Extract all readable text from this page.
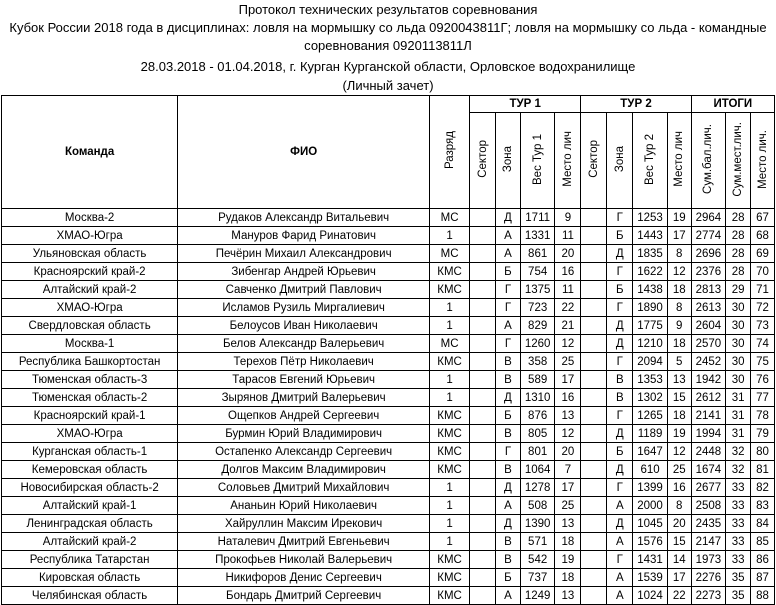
Протокол технических результатов соревнования
Кубок России 2018 года в дисциплинах: ловля на мормышку со льда 0920043811Г; ловля на мормышку со льда - командные соревнования 0920113811Л
28.03.2018 - 01.04.2018, г. Курган Курганской области, Орловское водохранилище
(Личный зачет)
Команда	ФИО	Разряд	ТУР 1				ТУР 2				ИТОГИ		
			Сектор	Зона	Вес Тур 1	Место лич	Сектор	Зона	Вес Тур 2	Место лич	Сум.бал.лич.	Сум.мест.лич.	Место лич.
Москва-2	Рудаков Александр Витальевич	МС		Д	1711	9		Г	1253	19	2964	28	67
ХМАО-Югра	Мануров Фарид Ринатович	1		А	1331	11		Б	1443	17	2774	28	68
Ульяновская область	Печёрин Михаил Александрович	МС		А	861	20		Д	1835	8	2696	28	69
Красноярский край-2	Зибенгар Андрей Юрьевич	КМС		Б	754	16		Г	1622	12	2376	28	70
Алтайский край-2	Савченко Дмитрий Павлович	КМС		Г	1375	11		Б	1438	18	2813	29	71
ХМАО-Югра	Исламов Рузиль Миргалиевич	1		Г	723	22		Г	1890	8	2613	30	72
Свердловская область	Белоусов Иван Николаевич	1		А	829	21		Д	1775	9	2604	30	73
Москва-1	Белов Александр Валерьевич	МС		Г	1260	12		Д	1210	18	2570	30	74
Республика Башкортостан	Терехов Пётр Николаевич	КМС		В	358	25		Г	2094	5	2452	30	75
Тюменская область-3	Тарасов Евгений Юрьевич	1		В	589	17		В	1353	13	1942	30	76
Тюменская область-2	Зырянов Дмитрий Валерьевич	1		Д	1310	16		В	1302	15	2612	31	77
Красноярский край-1	Ощепков Андрей Сергеевич	КМС		Б	876	13		Г	1265	18	2141	31	78
ХМАО-Югра	Бурмин Юрий Владимирович	КМС		В	805	12		Д	1189	19	1994	31	79
Курганская область-1	Остапенко Александр Сергеевич	КМС		Г	801	20		Б	1647	12	2448	32	80
Кемеровская область	Долгов Максим Владимирович	КМС		В	1064	7		Д	610	25	1674	32	81
Новосибирская область-2	Соловьев Дмитрий Михайлович	1		Д	1278	17		Г	1399	16	2677	33	82
Алтайский край-1	Ананьин Юрий Николаевич	1		А	508	25		А	2000	8	2508	33	83
Ленинградская область	Хайруллин Максим Ирекович	1		Д	1390	13		Д	1045	20	2435	33	84
Алтайский край-2	Наталевич Дмитрий Евгеньевич	1		В	571	18		А	1576	15	2147	33	85
Республика Татарстан	Прокофьев Николай Валерьевич	КМС		В	542	19		Г	1431	14	1973	33	86
Кировская область	Никифоров Денис Сергеевич	КМС		Б	737	18		А	1539	17	2276	35	87
Челябинская область	Бондарь Дмитрий Сергеевич	КМС		А	1249	13		А	1024	22	2273	35	88
